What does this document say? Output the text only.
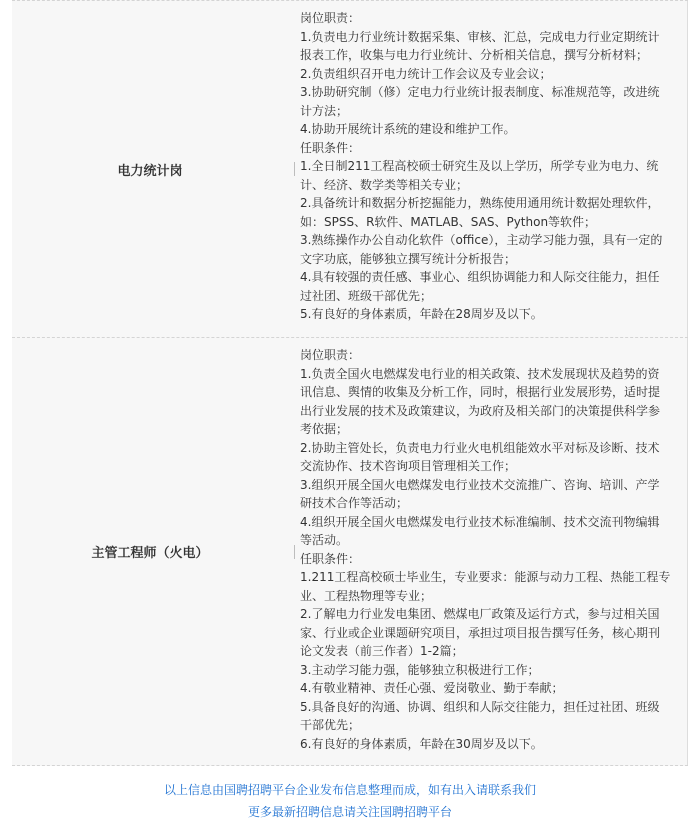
电力统计岗
岗位职责：
1.负责电力行业统计数据采集、审核、汇总，完成电力行业定期统计
报表工作，收集与电力行业统计、分析相关信息，撰写分析材料；
2.负责组织召开电力统计工作会议及专业会议；
3.协助研究制（修）定电力行业统计报表制度、标准规范等，改进统
计方法；
4.协助开展统计系统的建设和维护工作。
任职条件：
1.全日制211工程高校硕士研究生及以上学历，所学专业为电力、统
计、经济、数学类等相关专业；
2.具备统计和数据分析挖掘能力，熟练使用通用统计数据处理软件，
如：SPSS、R软件、MATLAB、SAS、Python等软件；
3.熟练操作办公自动化软件（office），主动学习能力强，具有一定的
文字功底，能够独立撰写统计分析报告；
4.具有较强的责任感、事业心、组织协调能力和人际交往能力，担任
过社团、班级干部优先；
5.有良好的身体素质，年龄在28周岁及以下。
主管工程师（火电）
岗位职责：
1.负责全国火电燃煤发电行业的相关政策、技术发展现状及趋势的资
讯信息、舆情的收集及分析工作，同时，根据行业发展形势，适时提
出行业发展的技术及政策建议，为政府及相关部门的决策提供科学参
考依据；
2.协助主管处长，负责电力行业火电机组能效水平对标及诊断、技术
交流协作、技术咨询项目管理相关工作；
3.组织开展全国火电燃煤发电行业技术交流推广、咨询、培训、产学
研技术合作等活动；
4.组织开展全国火电燃煤发电行业技术标准编制、技术交流刊物编辑
等活动。
任职条件：
1.211工程高校硕士毕业生，专业要求：能源与动力工程、热能工程专
业、工程热物理等专业；
2.了解电力行业发电集团、燃煤电厂政策及运行方式，参与过相关国
家、行业或企业课题研究项目，承担过项目报告撰写任务，核心期刊
论文发表（前三作者）1-2篇；
3.主动学习能力强，能够独立积极进行工作；
4.有敬业精神、责任心强、爱岗敬业、勤于奉献；
5.具备良好的沟通、协调、组织和人际交往能力，担任过社团、班级
干部优先；
6.有良好的身体素质，年龄在30周岁及以下。
以上信息由国聘招聘平台企业发布信息整理而成，如有出入请联系我们
更多最新招聘信息请关注国聘招聘平台
